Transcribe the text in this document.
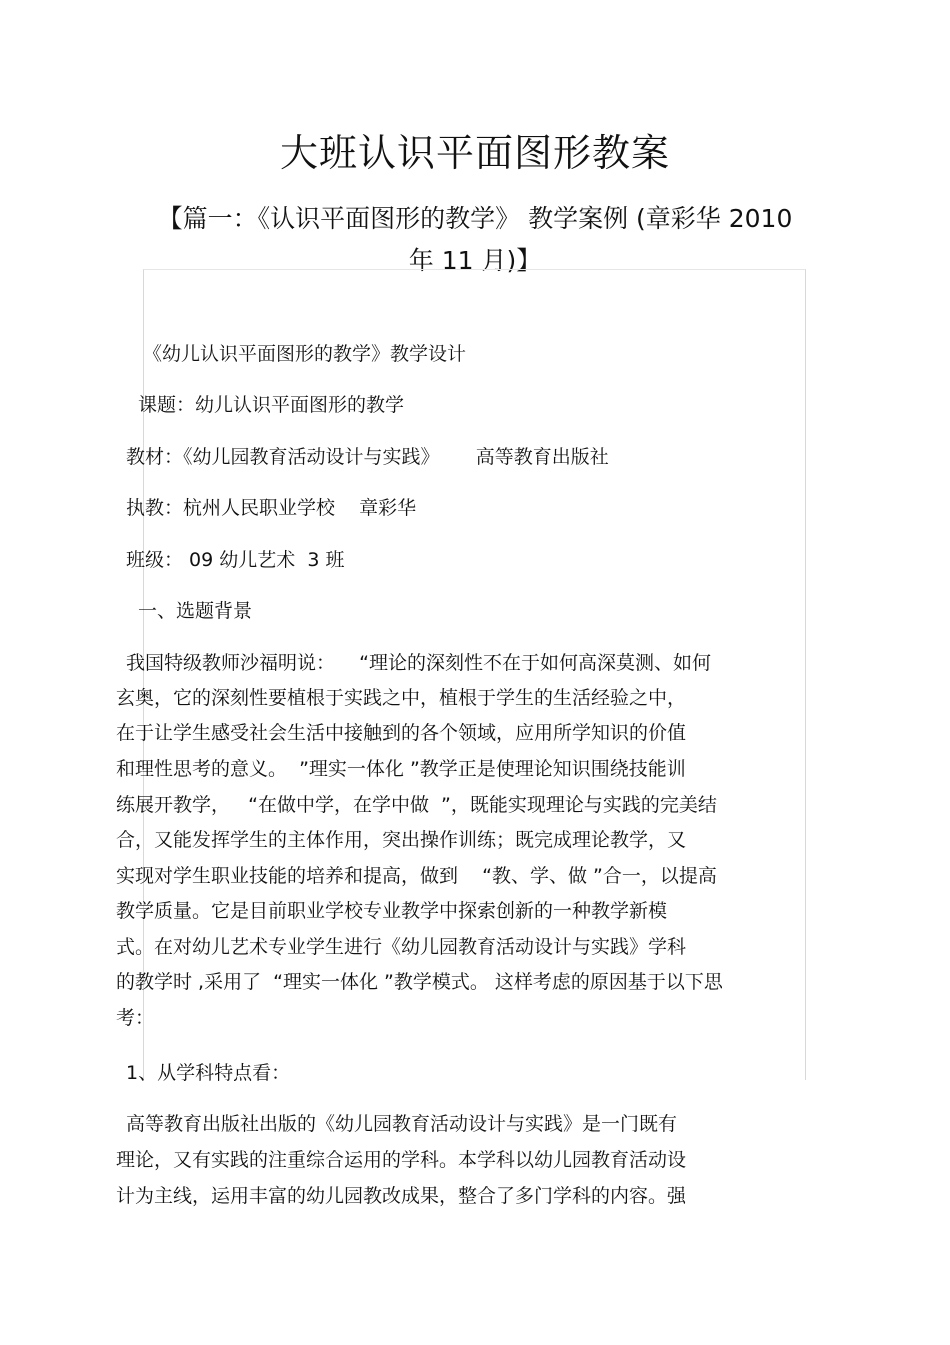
大班认识平面图形教案
【篇一：《认识平面图形的教学》 教学案例 (章彩华 2010
年 11 月)】
《幼儿认识平面图形的教学》教学设计
课题：幼儿认识平面图形的教学
教材：《幼儿园教育活动设计与实践》      高等教育出版社
执教：杭州人民职业学校    章彩华
班级： 09 幼儿艺术  3 班
一、选题背景
我国特级教师沙福明说：    “理论的深刻性不在于如何高深莫测、如何
玄奥，它的深刻性要植根于实践之中，植根于学生的生活经验之中，
在于让学生感受社会生活中接触到的各个领域，应用所学知识的价值
和理性思考的意义。  ”理实一体化 ”教学正是使理论知识围绕技能训
练展开教学，   “在做中学，在学中做  ”，既能实现理论与实践的完美结
合，又能发挥学生的主体作用，突出操作训练；既完成理论教学，又
实现对学生职业技能的培养和提高，做到    “教、学、做 ”合一，以提高
教学质量。它是目前职业学校专业教学中探索创新的一种教学新模
式。在对幼儿艺术专业学生进行《幼儿园教育活动设计与实践》学科
的教学时 ,采用了  “理实一体化 ”教学模式。 这样考虑的原因基于以下思
考：
1、从学科特点看：
高等教育出版社出版的《幼儿园教育活动设计与实践》是一门既有
理论，又有实践的注重综合运用的学科。本学科以幼儿园教育活动设
计为主线，运用丰富的幼儿园教改成果，整合了多门学科的内容。强
